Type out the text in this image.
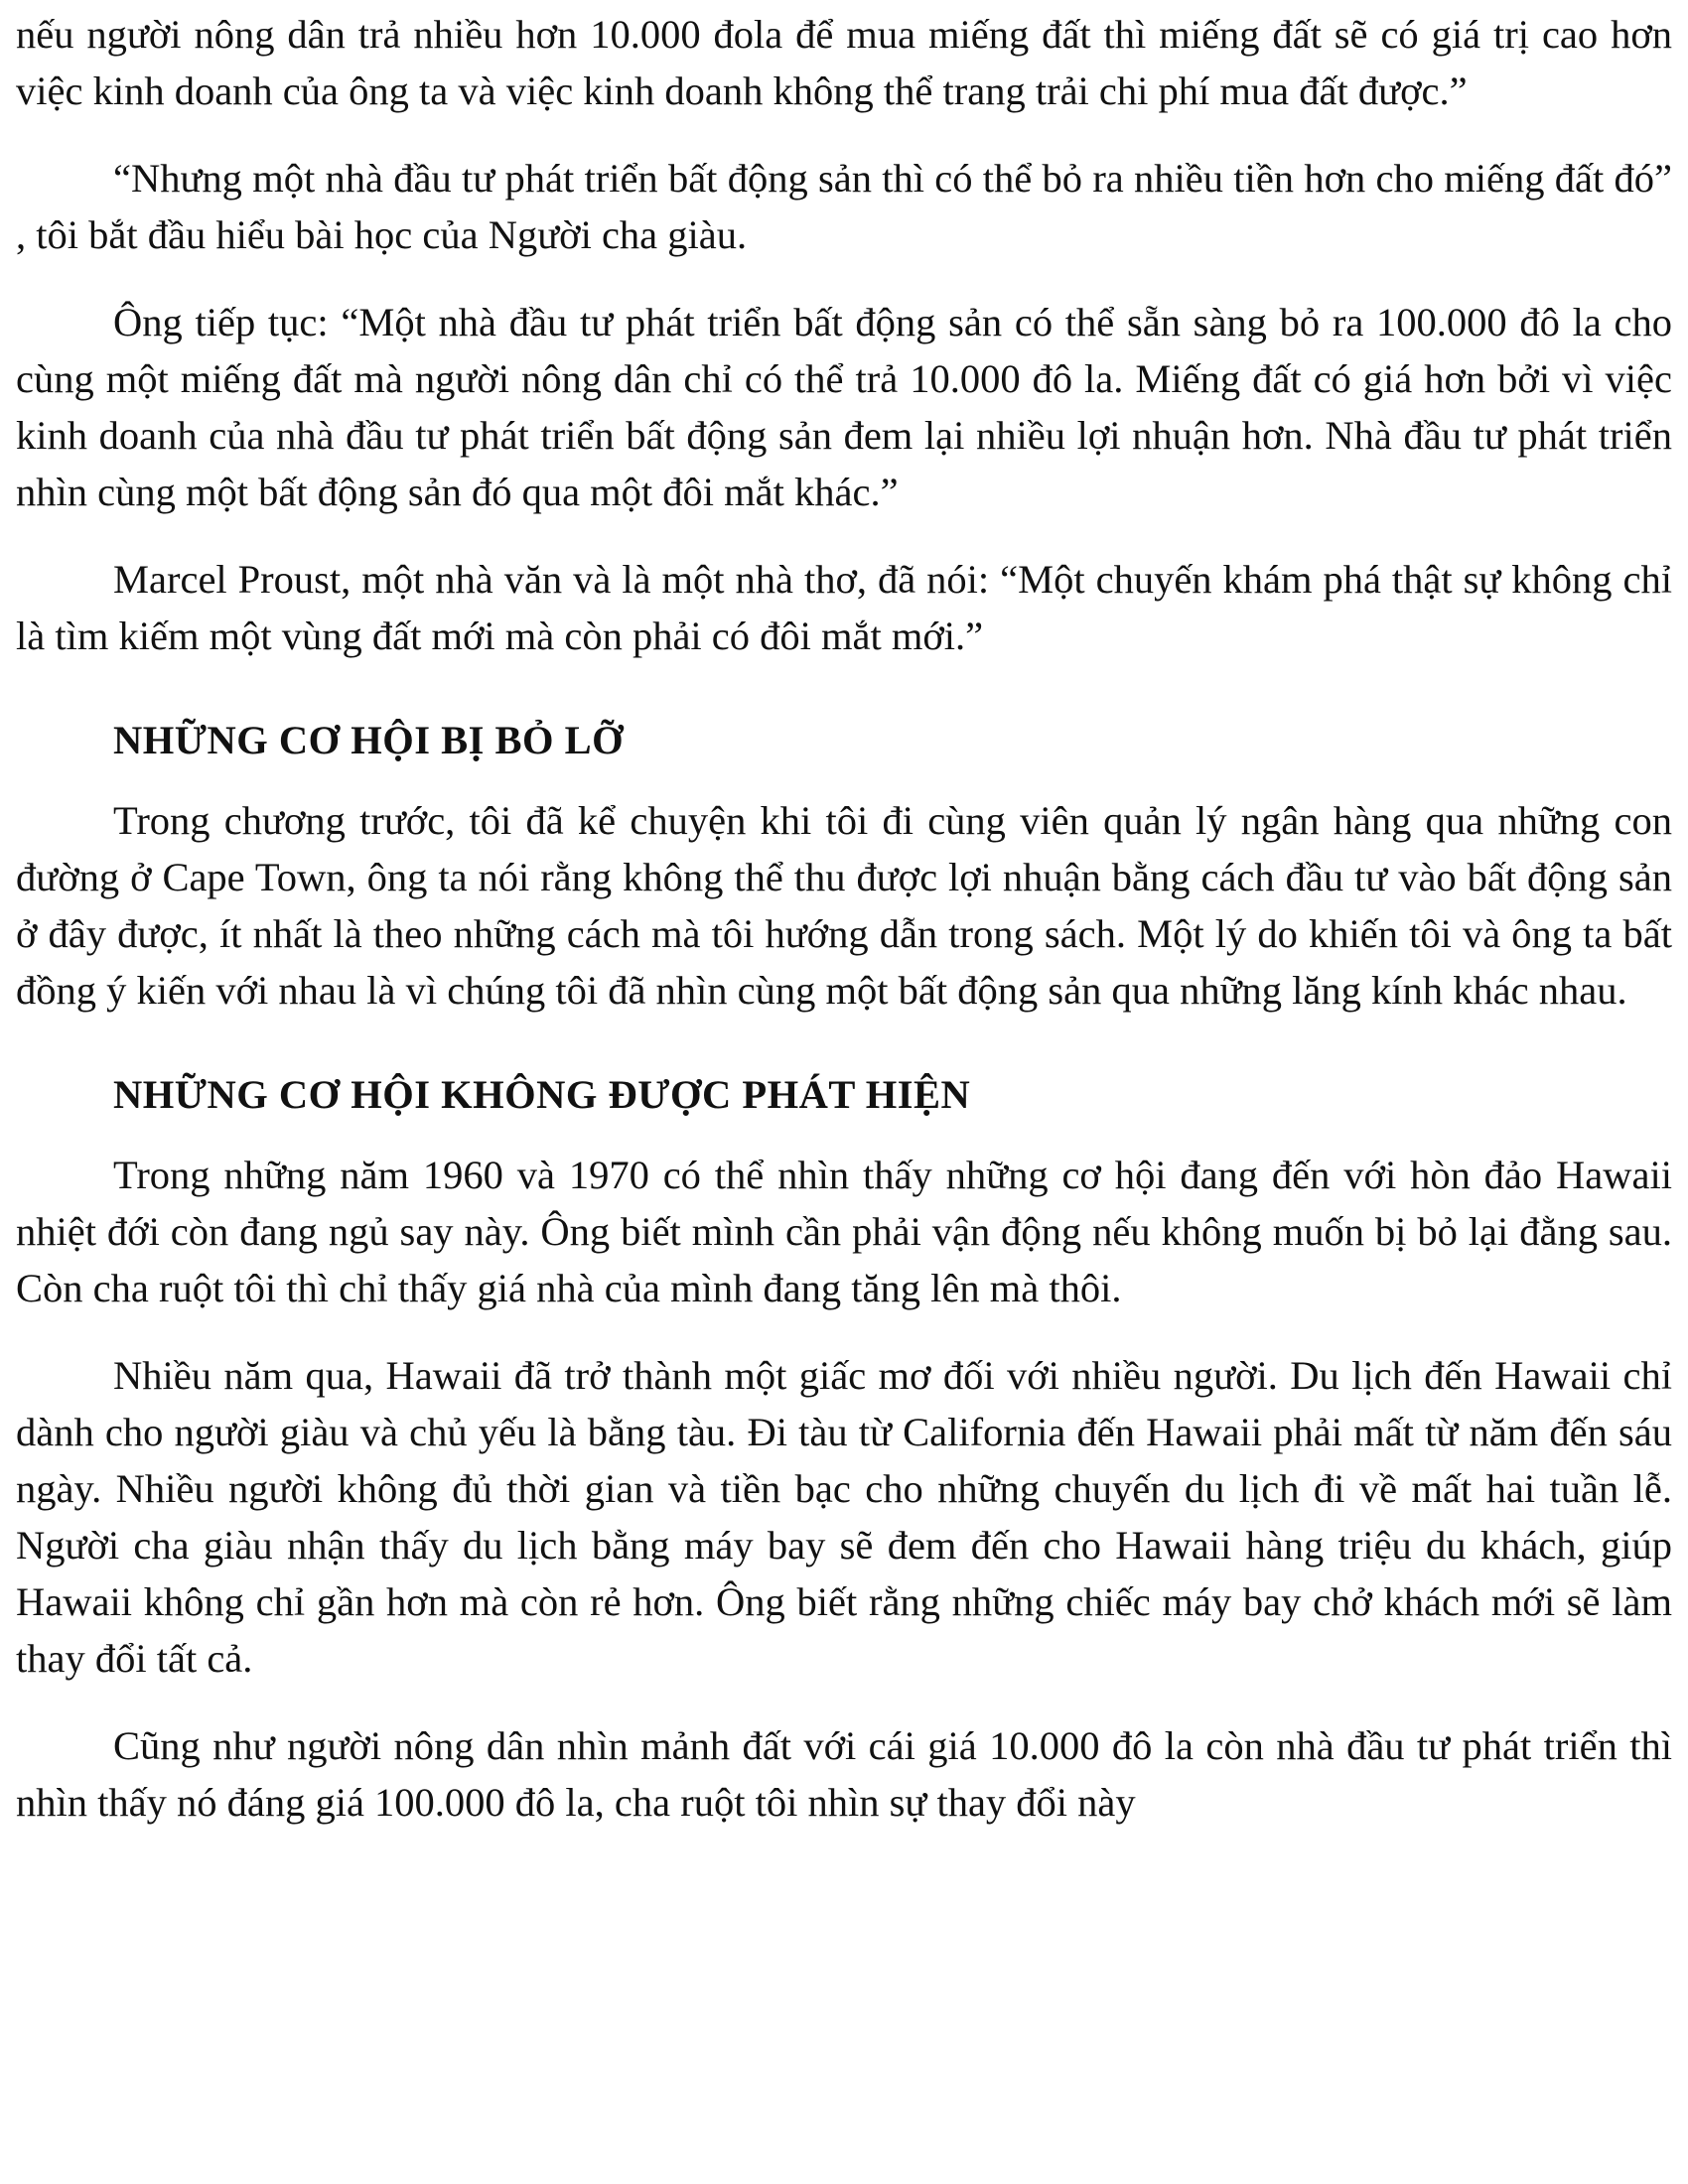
nếu người nông dân trả nhiều hơn 10.000 đola để mua miếng đất thì miếng đất sẽ có giá trị cao hơn việc kinh doanh của ông ta và việc kinh doanh không thể trang trải chi phí mua đất được.”

“Nhưng một nhà đầu tư phát triển bất động sản thì có thể bỏ ra nhiều tiền hơn cho miếng đất đó” , tôi bắt đầu hiểu bài học của Người cha giàu.

Ông tiếp tục: “Một nhà đầu tư phát triển bất động sản có thể sẵn sàng bỏ ra 100.000 đô la cho cùng một miếng đất mà người nông dân chỉ có thể trả 10.000 đô la. Miếng đất có giá hơn bởi vì việc kinh doanh của nhà đầu tư phát triển bất động sản đem lại nhiều lợi nhuận hơn. Nhà đầu tư phát triển nhìn cùng một bất động sản đó qua một đôi mắt khác.”

Marcel Proust, một nhà văn và là một nhà thơ, đã nói: “Một chuyến khám phá thật sự không chỉ là tìm kiếm một vùng đất mới mà còn phải có đôi mắt mới.”

NHỮNG CƠ HỘI BỊ BỎ LỠ

Trong chương trước, tôi đã kể chuyện khi tôi đi cùng viên quản lý ngân hàng qua những con đường ở Cape Town, ông ta nói rằng không thể thu được lợi nhuận bằng cách đầu tư vào bất động sản ở đây được, ít nhất là theo những cách mà tôi hướng dẫn trong sách. Một lý do khiến tôi và ông ta bất đồng ý kiến với nhau là vì chúng tôi đã nhìn cùng một bất động sản qua những lăng kính khác nhau.

NHỮNG CƠ HỘI KHÔNG ĐƯỢC PHÁT HIỆN

Trong những năm 1960 và 1970 có thể nhìn thấy những cơ hội đang đến với hòn đảo Hawaii nhiệt đới còn đang ngủ say này. Ông biết mình cần phải vận động nếu không muốn bị bỏ lại đằng sau. Còn cha ruột tôi thì chỉ thấy giá nhà của mình đang tăng lên mà thôi.

Nhiều năm qua, Hawaii đã trở thành một giấc mơ đối với nhiều người. Du lịch đến Hawaii chỉ dành cho người giàu và chủ yếu là bằng tàu. Đi tàu từ California đến Hawaii phải mất từ năm đến sáu ngày. Nhiều người không đủ thời gian và tiền bạc cho những chuyến du lịch đi về mất hai tuần lễ. Người cha giàu nhận thấy du lịch bằng máy bay sẽ đem đến cho Hawaii hàng triệu du khách, giúp Hawaii không chỉ gần hơn mà còn rẻ hơn. Ông biết rằng những chiếc máy bay chở khách mới sẽ làm thay đổi tất cả.

Cũng như người nông dân nhìn mảnh đất với cái giá 10.000 đô la còn nhà đầu tư phát triển thì nhìn thấy nó đáng giá 100.000 đô la, cha ruột tôi nhìn sự thay đổi này
